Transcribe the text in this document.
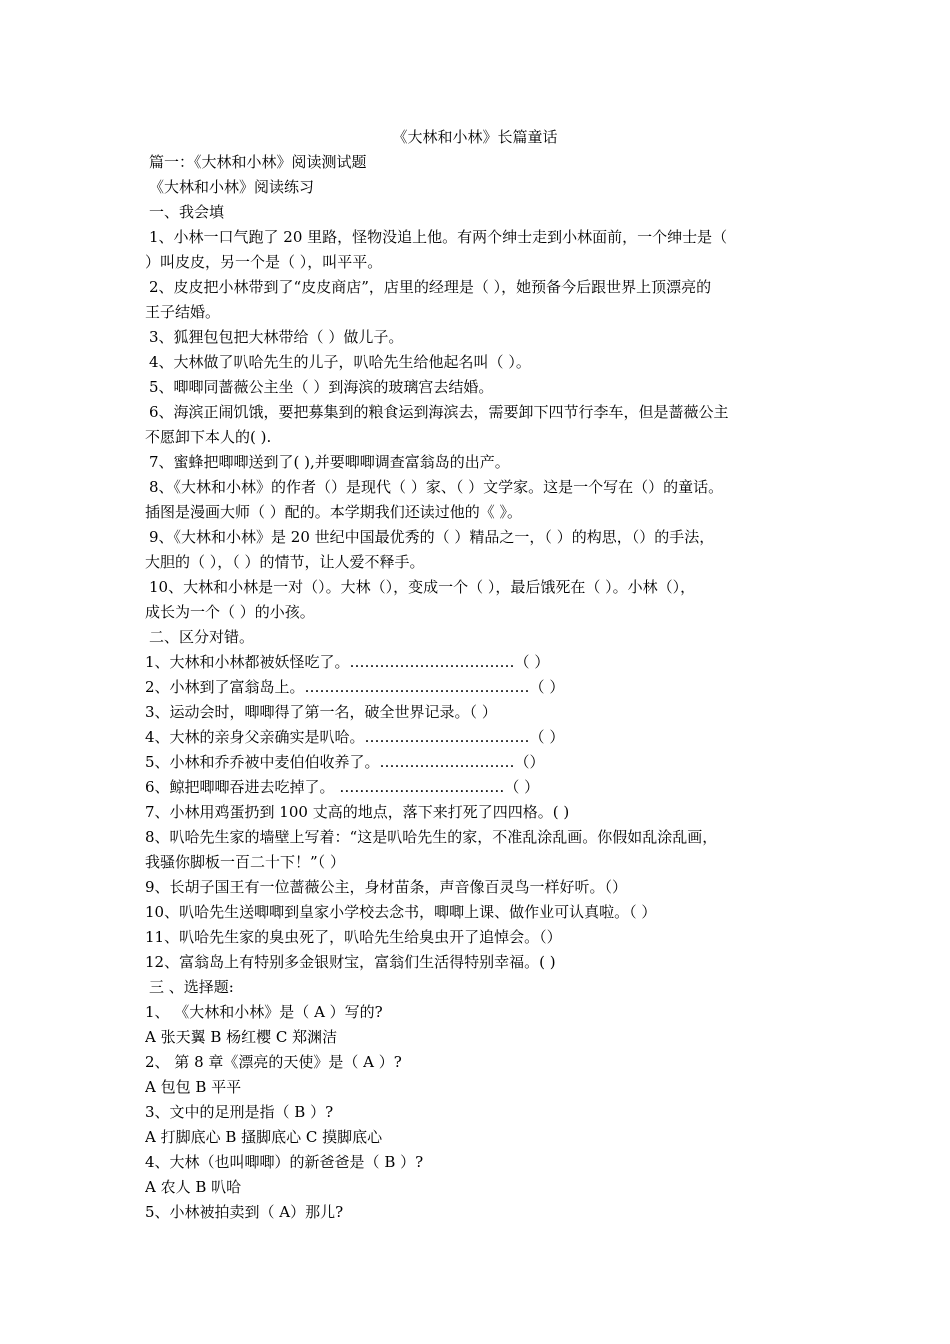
《大林和小林》长篇童话
篇一：《大林和小林》阅读测试题
《大林和小林》阅读练习
一、我会填
1、小林一口气跑了 20 里路，怪物没追上他。有两个绅士走到小林面前，一个绅士是（
）叫皮皮，另一个是（ ），叫平平。
2、皮皮把小林带到了“皮皮商店”，店里的经理是（ ），她预备今后跟世界上顶漂亮的
王子结婚。
3、狐狸包包把大林带给（ ）做儿子。
4、大林做了叭哈先生的儿子，叭哈先生给他起名叫（ ）。
5、唧唧同蔷薇公主坐（ ）到海滨的玻璃宫去结婚。
6、海滨正闹饥饿，要把募集到的粮食运到海滨去，需要卸下四节行李车，但是蔷薇公主
不愿卸下本人的( ).
7、蜜蜂把唧唧送到了( ),并要唧唧调查富翁岛的出产。
8、《大林和小林》的作者（）是现代（ ）家、（ ）文学家。这是一个写在（）的童话。
插图是漫画大师（ ）配的。本学期我们还读过他的《 》。
9、《大林和小林》是 20 世纪中国最优秀的（ ）精品之一，（ ）的构思，（）的手法，
大胆的（ ），（ ）的情节，让人爱不释手。
10、大林和小林是一对（）。大林（），变成一个（ ），最后饿死在（ ）。小林（），
成长为一个（ ）的小孩。
二、区分对错。
1、大林和小林都被妖怪吃了。……………………………（ ）
2、小林到了富翁岛上。………………………………………（ ）
3、运动会时，唧唧得了第一名，破全世界记录。（ ）
4、大林的亲身父亲确实是叭哈。……………………………（ ）
5、小林和乔乔被中麦伯伯收养了。………………………（）
6、鲸把唧唧吞进去吃掉了。 ……………………………（ ）
7、小林用鸡蛋扔到 100 丈高的地点，落下来打死了四四格。( )
8、叭哈先生家的墙壁上写着：“这是叭哈先生的家，不准乱涂乱画。你假如乱涂乱画，
我骚你脚板一百二十下！”（ ）
9、长胡子国王有一位蔷薇公主，身材苗条，声音像百灵鸟一样好听。（）
10、叭哈先生送唧唧到皇家小学校去念书，唧唧上课、做作业可认真啦。（ ）
11、叭哈先生家的臭虫死了，叭哈先生给臭虫开了追悼会。（）
12、富翁岛上有特别多金银财宝，富翁们生活得特别幸福。( )
三 、选择题:
1、 《大林和小林》是（ A ）写的?
A 张天翼 B 杨红樱 C 郑渊洁
2、 第 8 章《漂亮的天使》是（ A ）?
A 包包 B 平平
3、文中的足刑是指（ B ）?
A 打脚底心 B 搔脚底心 C 摸脚底心
4、大林（也叫唧唧）的新爸爸是（ B ）?
A 农人 B 叭哈
5、小林被拍卖到（ A）那儿?
